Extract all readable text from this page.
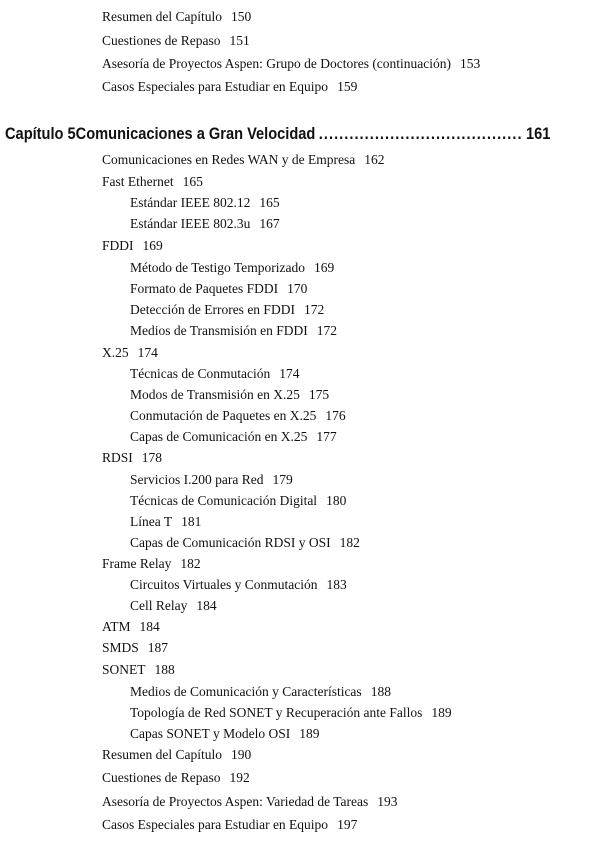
Resumen del Capítulo 150
Cuestiones de Repaso 151
Asesoría de Proyectos Aspen: Grupo de Doctores (continuación) 153
Casos Especiales para Estudiar en Equipo 159
Capítulo 5 Comunicaciones a Gran Velocidad ........................................ 161
Comunicaciones en Redes WAN y de Empresa 162
Fast Ethernet 165
Estándar IEEE 802.12 165
Estándar IEEE 802.3u 167
FDDI 169
Método de Testigo Temporizado 169
Formato de Paquetes FDDI 170
Detección de Errores en FDDI 172
Medios de Transmisión en FDDI 172
X.25 174
Técnicas de Conmutación 174
Modos de Transmisión en X.25 175
Conmutación de Paquetes en X.25 176
Capas de Comunicación en X.25 177
RDSI 178
Servicios I.200 para Red 179
Técnicas de Comunicación Digital 180
Línea T 181
Capas de Comunicación RDSI y OSI 182
Frame Relay 182
Circuitos Virtuales y Conmutación 183
Cell Relay 184
ATM 184
SMDS 187
SONET 188
Medios de Comunicación y Características 188
Topología de Red SONET y Recuperación ante Fallos 189
Capas SONET y Modelo OSI 189
Resumen del Capítulo 190
Cuestiones de Repaso 192
Asesoría de Proyectos Aspen: Variedad de Tareas 193
Casos Especiales para Estudiar en Equipo 197
